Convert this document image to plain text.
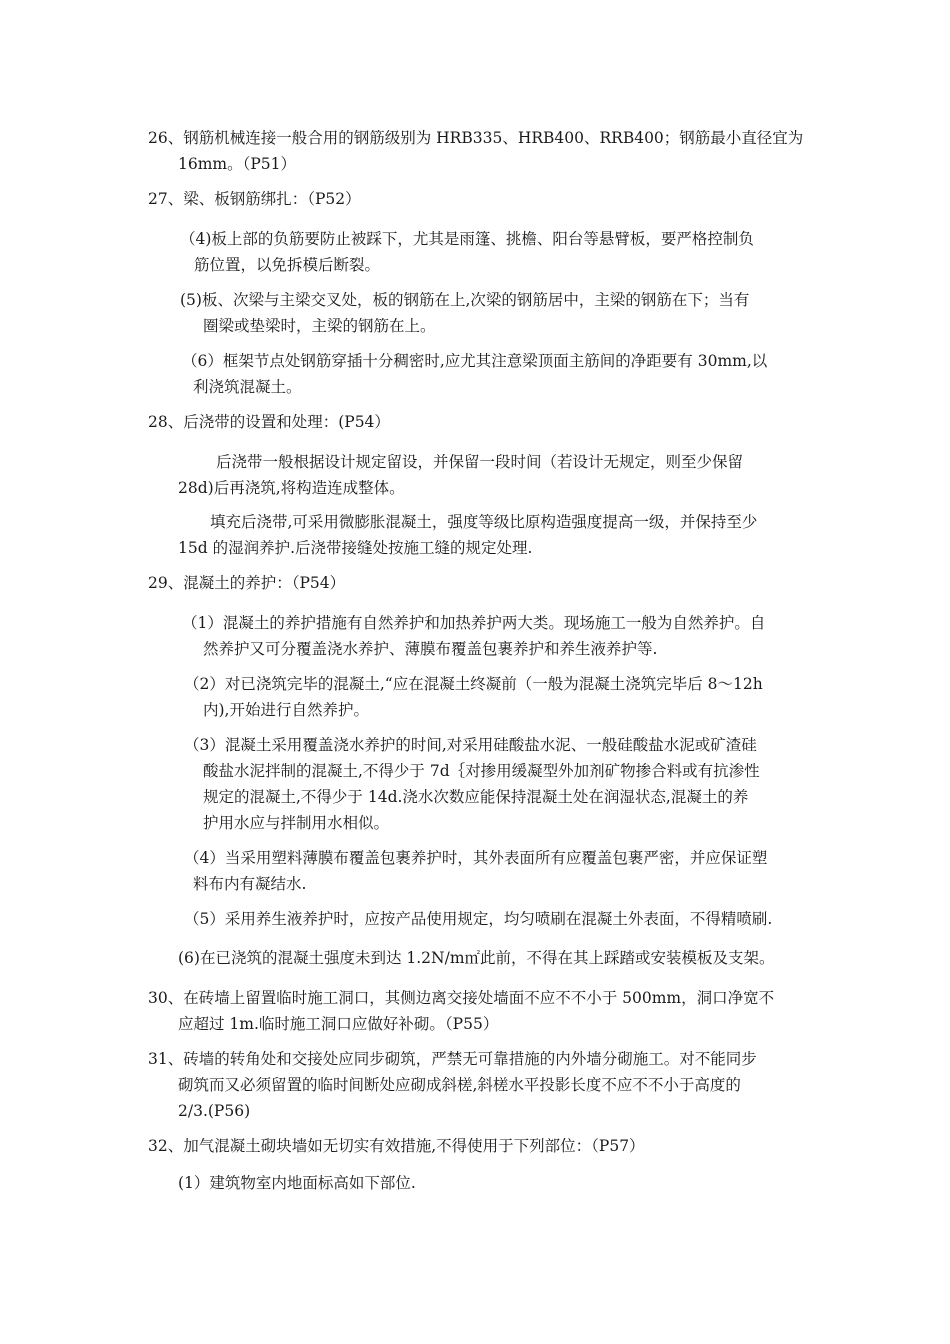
26、钢筋机械连接一般合用的钢筋级别为 HRB335、HRB400、RRB400；钢筋最小直径宜为
16mm。（P51）
27、梁、板钢筋绑扎：（P52）
（4)板上部的负筋要防止被踩下，尤其是雨篷、挑檐、阳台等悬臂板，要严格控制负
筋位置，以免拆模后断裂。
(5)板、次梁与主梁交叉处，板的钢筋在上,次梁的钢筋居中，主梁的钢筋在下；当有
圈梁或垫梁时，主梁的钢筋在上。
（6）框架节点处钢筋穿插十分稠密时,应尤其注意梁顶面主筋间的净距要有 30mm,以
利浇筑混凝土。
28、后浇带的设置和处理：(P54）
后浇带一般根据设计规定留设，并保留一段时间（若设计无规定，则至少保留
28d)后再浇筑,将构造连成整体。
填充后浇带,可采用微膨胀混凝土，强度等级比原构造强度提高一级，并保持至少
15d 的湿润养护.后浇带接缝处按施工缝的规定处理.
29、混凝土的养护：（P54）
（1）混凝土的养护措施有自然养护和加热养护两大类。现场施工一般为自然养护。自
然养护又可分覆盖浇水养护、薄膜布覆盖包裹养护和养生液养护等.
（2）对已浇筑完毕的混凝土,“应在混凝土终凝前（一般为混凝土浇筑完毕后 8～12h
内),开始进行自然养护。
（3）混凝土采用覆盖浇水养护的时间,对采用硅酸盐水泥、一般硅酸盐水泥或矿渣硅
酸盐水泥拌制的混凝土,不得少于 7d｛对掺用缓凝型外加剂矿物掺合料或有抗渗性
规定的混凝土,不得少于 14d.浇水次数应能保持混凝土处在润湿状态,混凝土的养
护用水应与拌制用水相似。
（4）当采用塑料薄膜布覆盖包裹养护时，其外表面所有应覆盖包裹严密，并应保证塑
料布内有凝结水.
（5）采用养生液养护时，应按产品使用规定，均匀喷刷在混凝土外表面，不得精喷刷.
(6)在已浇筑的混凝土强度未到达 1.2N/m㎡此前，不得在其上踩踏或安装模板及支架。
30、在砖墙上留置临时施工洞口，其侧边离交接处墙面不应不不小于 500mm，洞口净宽不
应超过 1m.临时施工洞口应做好补砌。（P55）
31、砖墙的转角处和交接处应同步砌筑，严禁无可靠措施的内外墙分砌施工。对不能同步
砌筑而又必须留置的临时间断处应砌成斜槎,斜槎水平投影长度不应不不小于高度的
2/3.(P56)
32、加气混凝土砌块墙如无切实有效措施,不得使用于下列部位：（P57）
(1）建筑物室内地面标高如下部位.
